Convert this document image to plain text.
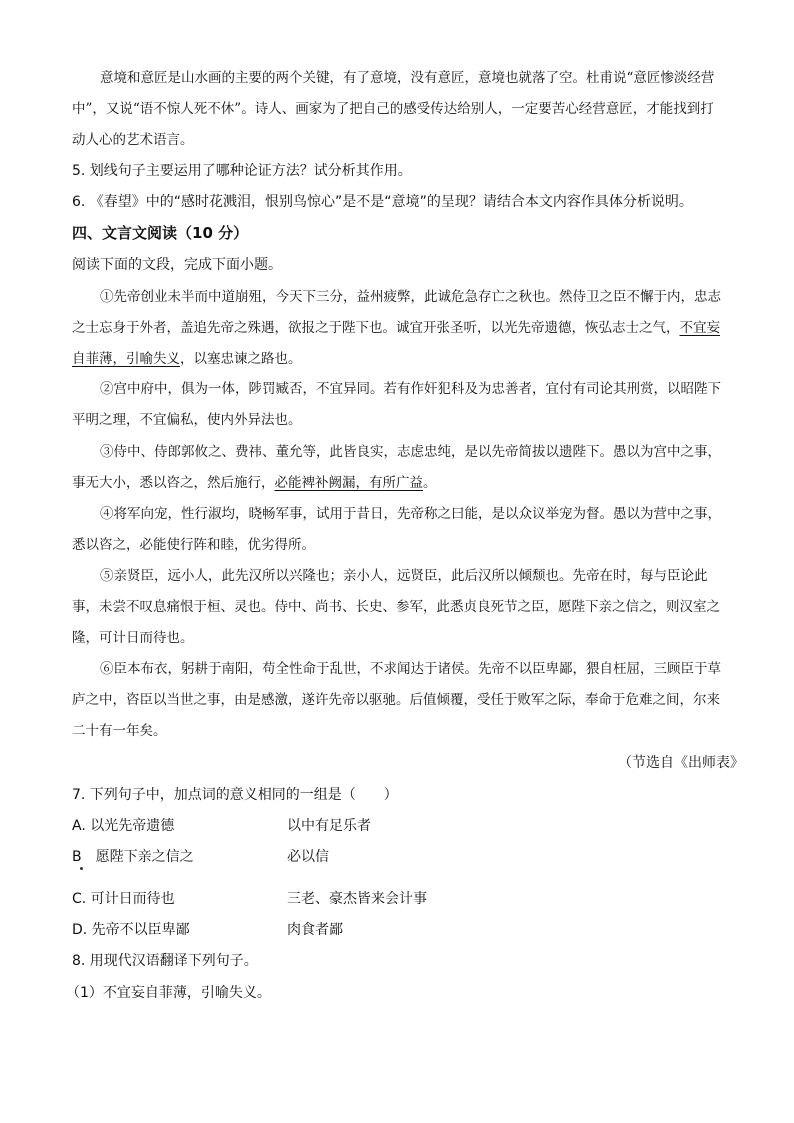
意境和意匠是山水画的主要的两个关键，有了意境，没有意匠，意境也就落了空。杜甫说“意匠惨淡经营中”，又说“语不惊人死不休”。诗人、画家为了把自己的感受传达给别人，一定要苦心经营意匠，才能找到打动人心的艺术语言。
5. 划线句子主要运用了哪种论证方法？试分析其作用。
6. 《春望》中的“感时花溅泪，恨别鸟惊心”是不是“意境”的呈现？请结合本文内容作具体分析说明。
四、文言文阅读（10 分）
阅读下面的文段，完成下面小题。
①先帝创业未半而中道崩殂，今天下三分，益州疲弊，此诚危急存亡之秋也。然侍卫之臣不懈于内，忠志之士忘身于外者，盖追先帝之殊遇，欲报之于陛下也。诚宜开张圣听，以光先帝遗德，恢弘志士之气，不宜妄自菲薄，引喻失义，以塞忠谏之路也。
②宫中府中，俱为一体，陟罚臧否，不宜异同。若有作奸犯科及为忠善者，宜付有司论其刑赏，以昭陛下平明之理，不宜偏私，使内外异法也。
③侍中、侍郎郭攸之、费祎、董允等，此皆良实，志虑忠纯，是以先帝简拔以遗陛下。愚以为宫中之事，事无大小，悉以咨之，然后施行，必能裨补阙漏，有所广益。
④将军向宠，性行淑均，晓畅军事，试用于昔日，先帝称之曰能，是以众议举宠为督。愚以为营中之事，悉以咨之，必能使行阵和睦，优劣得所。
⑤亲贤臣，远小人，此先汉所以兴隆也；亲小人，远贤臣，此后汉所以倾颓也。先帝在时，每与臣论此事，未尝不叹息痛恨于桓、灵也。侍中、尚书、长史、参军，此悉贞良死节之臣，愿陛下亲之信之，则汉室之隆，可计日而待也。
⑥臣本布衣，躬耕于南阳，苟全性命于乱世，不求闻达于诸侯。先帝不以臣卑鄙，猥自枉屈，三顾臣于草庐之中，咨臣以当世之事，由是感激，遂许先帝以驱驰。后值倾覆，受任于败军之际，奉命于危难之间，尔来二十有一年矣。
（节选自《出师表》
7. 下列句子中，加点词的意义相同的一组是（　　）
A. 以光先帝遗德	以中有足乐者
B　愿陛下亲之信之	必以信
C. 可计日而待也	三老、豪杰皆来会计事
D. 先帝不以臣卑鄙	肉食者鄙
8. 用现代汉语翻译下列句子。
（1）不宜妄自菲薄，引喻失义。
